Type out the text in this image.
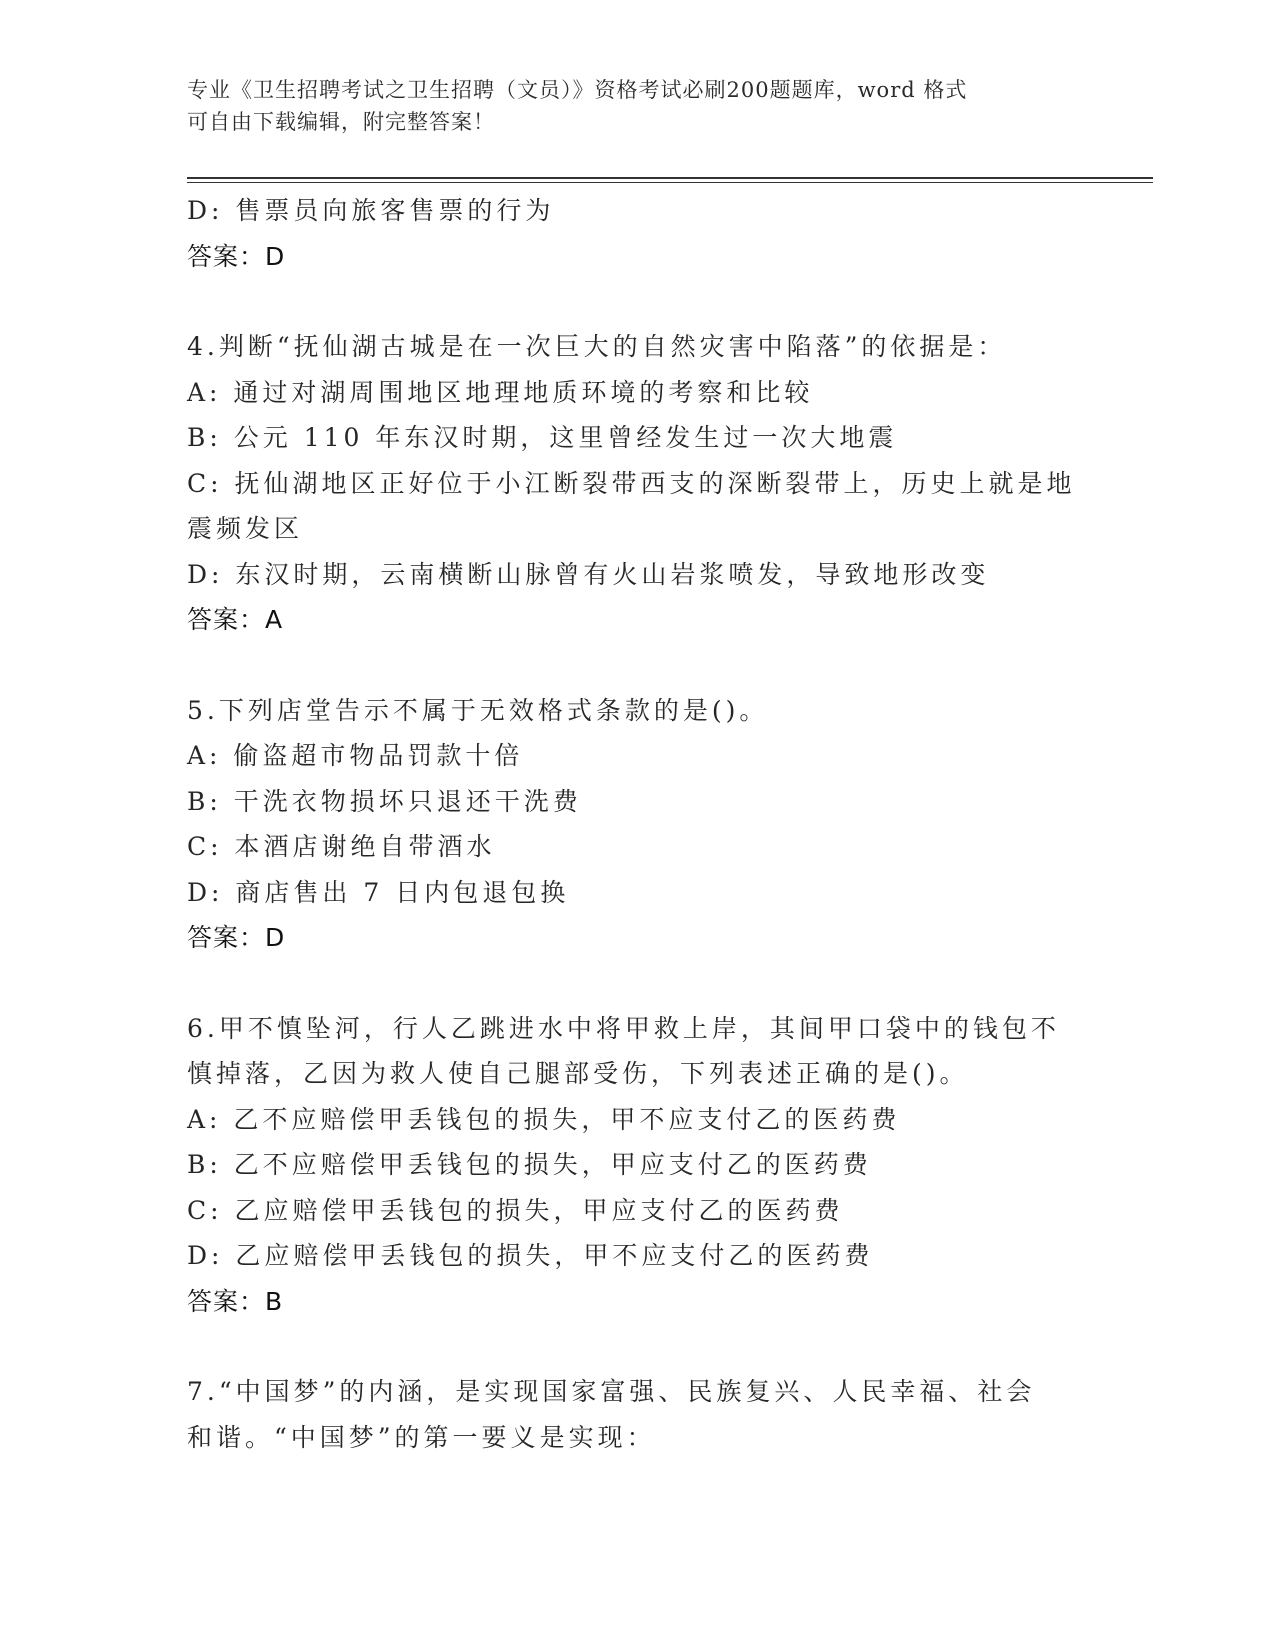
专业《卫生招聘考试之卫生招聘（文员）》资格考试必刷200题题库，word 格式
可自由下载编辑，附完整答案！
D: 售票员向旅客售票的行为
答案：D
4.判断“抚仙湖古城是在一次巨大的自然灾害中陷落”的依据是：
A: 通过对湖周围地区地理地质环境的考察和比较
B: 公元 110 年东汉时期，这里曾经发生过一次大地震
C: 抚仙湖地区正好位于小江断裂带西支的深断裂带上，历史上就是地
震频发区
D: 东汉时期，云南横断山脉曾有火山岩浆喷发，导致地形改变
答案：A
5.下列店堂告示不属于无效格式条款的是()。
A: 偷盗超市物品罚款十倍
B: 干洗衣物损坏只退还干洗费
C: 本酒店谢绝自带酒水
D: 商店售出 7 日内包退包换
答案：D
6.甲不慎坠河，行人乙跳进水中将甲救上岸，其间甲口袋中的钱包不
慎掉落，乙因为救人使自己腿部受伤，下列表述正确的是()。
A: 乙不应赔偿甲丢钱包的损失，甲不应支付乙的医药费
B: 乙不应赔偿甲丢钱包的损失，甲应支付乙的医药费
C: 乙应赔偿甲丢钱包的损失，甲应支付乙的医药费
D: 乙应赔偿甲丢钱包的损失，甲不应支付乙的医药费
答案：B
7.“中国梦”的内涵，是实现国家富强、民族复兴、人民幸福、社会
和谐。“中国梦”的第一要义是实现：
